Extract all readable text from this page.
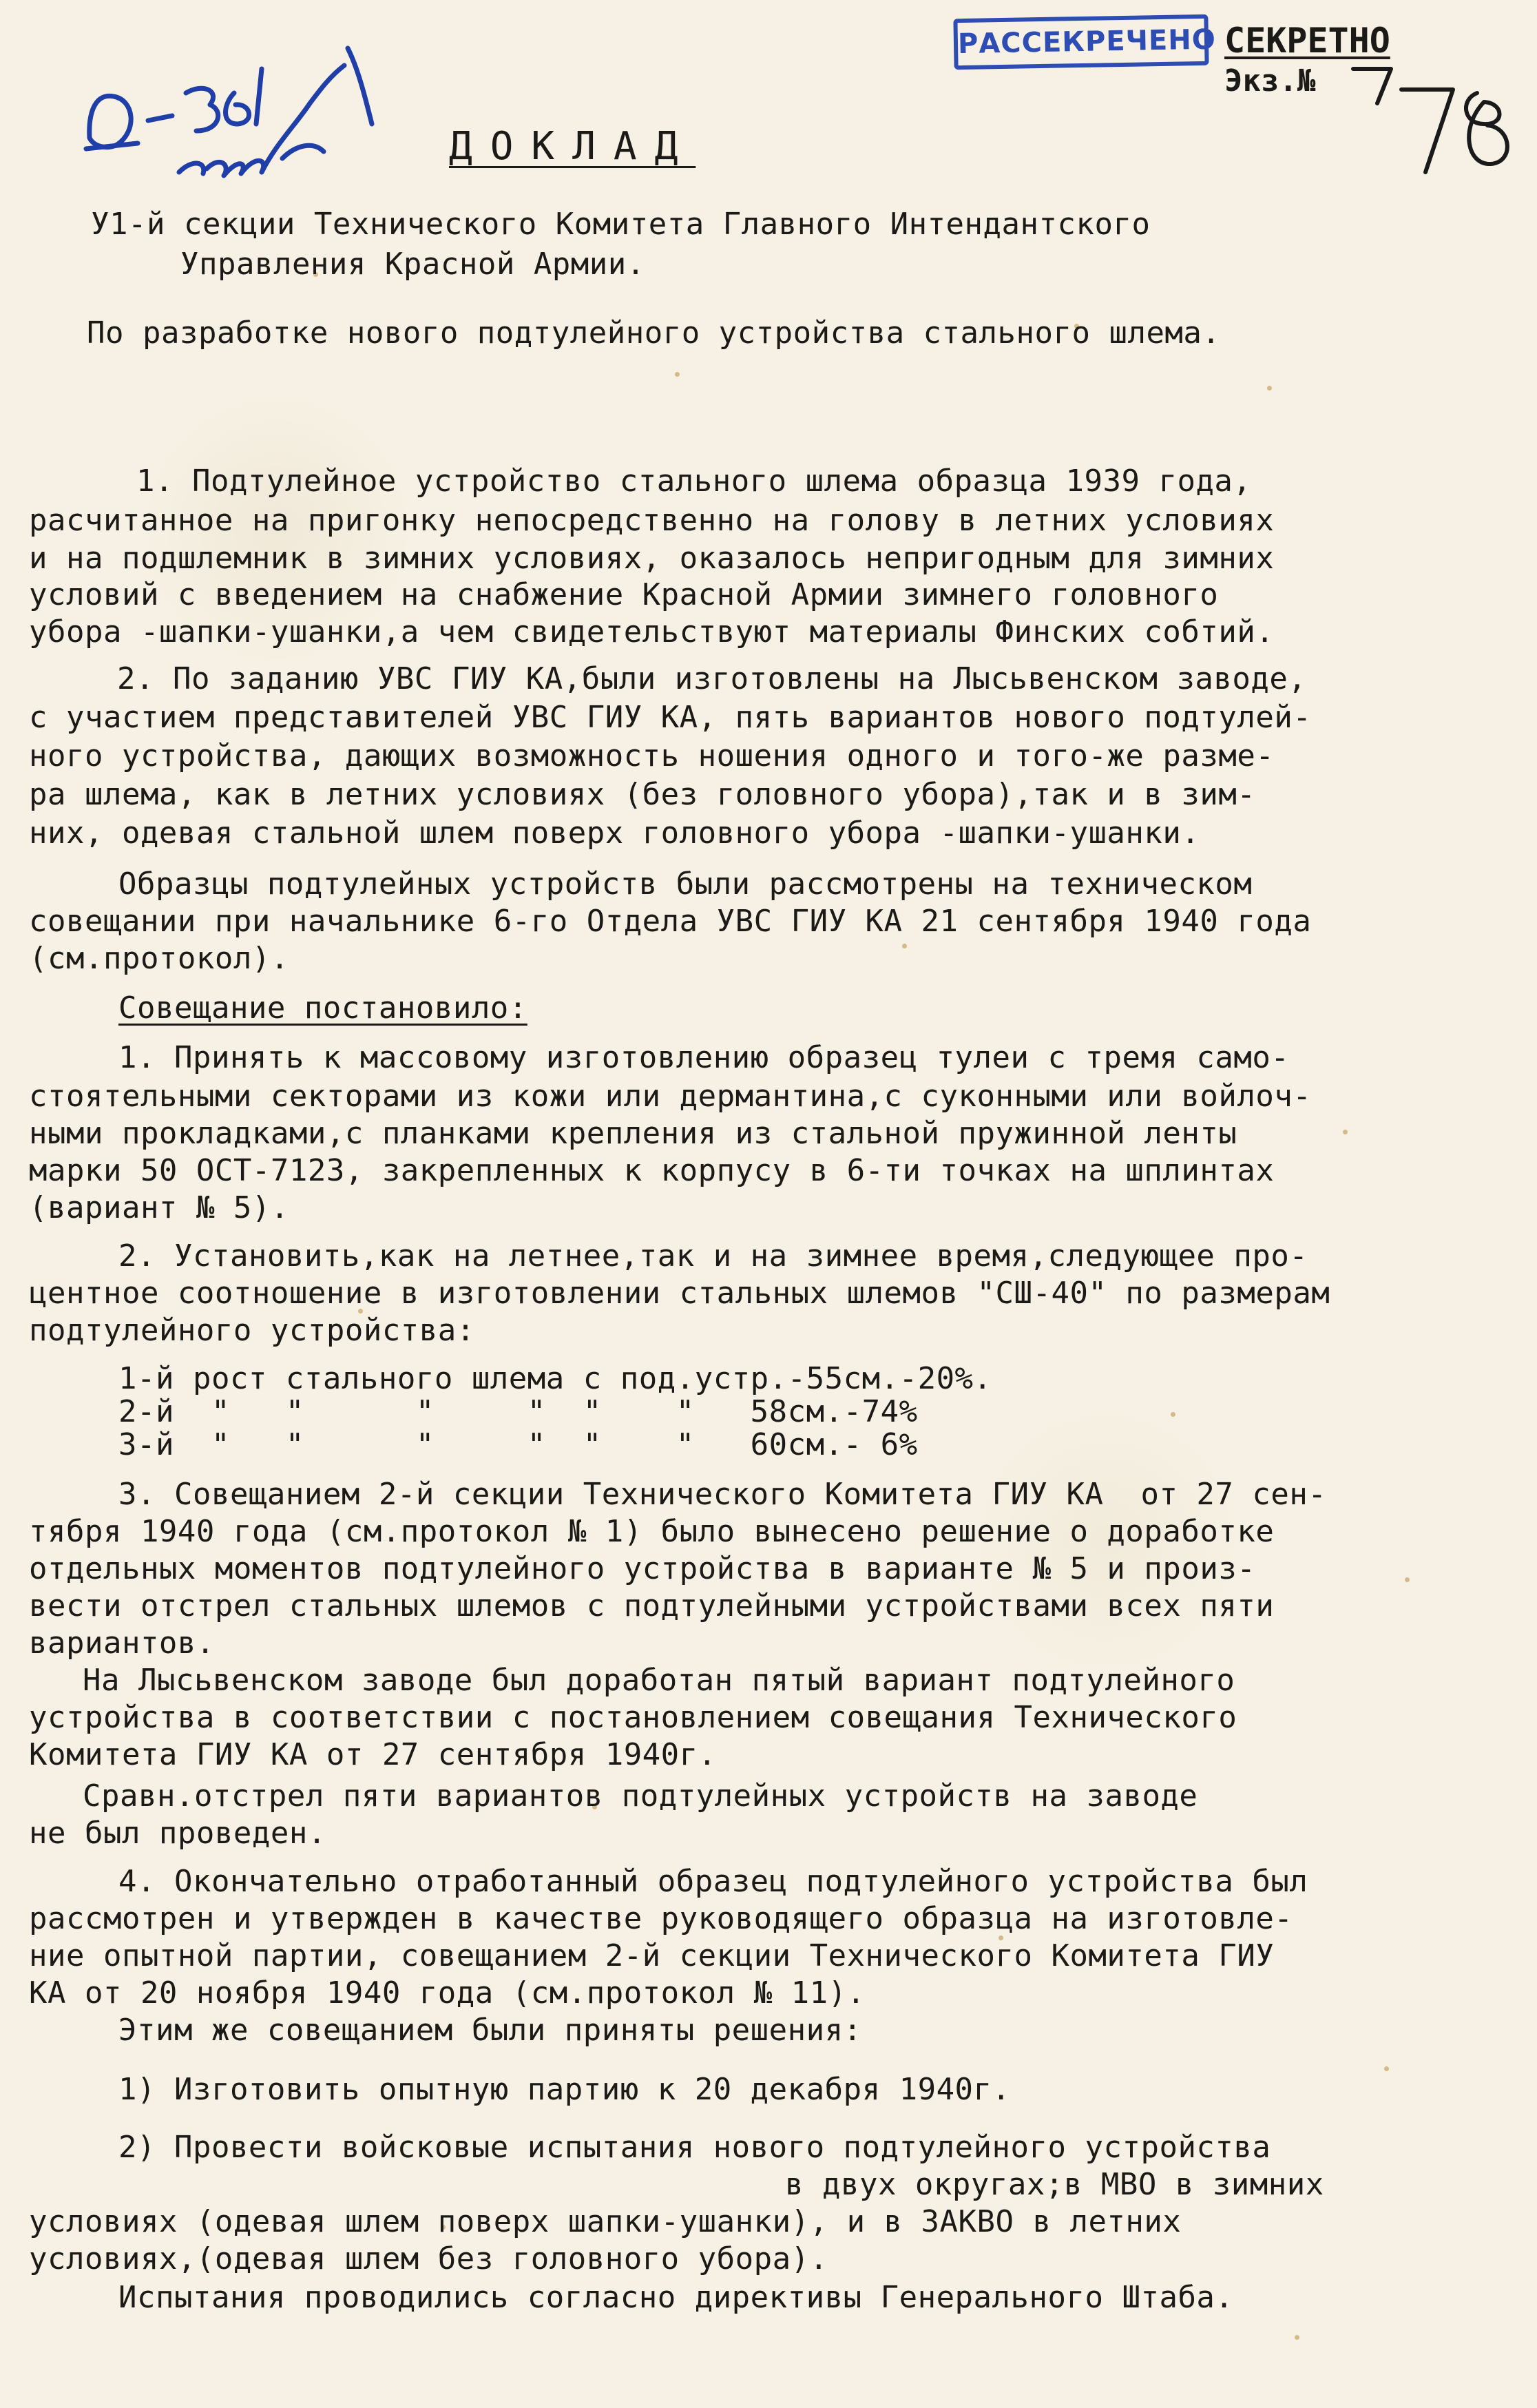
РАССЕКРЕЧЕНО СЕКРЕТНО
Экз.№
ДОКЛАД
У1-й секции Технического Комитета Главного Интендантского
Управления Красной Армии.
По разработке нового подтулейного устройства стального шлема.
1. Подтулейное устройство стального шлема образца 1939 года,
расчитанное на пригонку непосредственно на голову в летних условиях
и на подшлемник в зимних условиях, оказалось непригодным для зимних
условий с введением на снабжение Красной Армии зимнего головного
убора -шапки-ушанки,а чем свидетельствуют материалы Финских собтий.
2. По заданию УВС ГИУ КА,были изготовлены на Лысьвенском заводе,
с участием представителей УВС ГИУ КА, пять вариантов нового подтулей-
ного устройства, дающих возможность ношения одного и того-же разме-
ра шлема, как в летних условиях (без головного убора),так и в зим-
них, одевая стальной шлем поверх головного убора -шапки-ушанки.
Образцы подтулейных устройств были рассмотрены на техническом
совещании при начальнике 6-го Отдела УВС ГИУ КА 21 сентября 1940 года
(см.протокол).
Совещание постановило:
1. Принять к массовому изготовлению образец тулеи с тремя само-
стоятельными секторами из кожи или дермантина,с суконными или войлоч-
ными прокладками,с планками крепления из стальной пружинной ленты
марки 50 ОСТ-7123, закрепленных к корпусу в 6-ти точках на шплинтах
(вариант № 5).
2. Установить,как на летнее,так и на зимнее время,следующее про-
центное соотношение в изготовлении стальных шлемов "СШ-40" по размерам
подтулейного устройства:
1-й рост стального шлема с под.устр.-55см.-20%.
2-й  "   "      "     "  "    "   58см.-74%
3-й  "   "      "     "  "    "   60см.- 6%
3. Совещанием 2-й секции Технического Комитета ГИУ КА  от 27 сен-
тября 1940 года (см.протокол № 1) было вынесено решение о доработке
отдельных моментов подтулейного устройства в варианте № 5 и произ-
вести отстрел стальных шлемов с подтулейными устройствами всех пяти
вариантов.
На Лысьвенском заводе был доработан пятый вариант подтулейного
устройства в соответствии с постановлением совещания Технического
Комитета ГИУ КА от 27 сентября 1940г.
Сравн.отстрел пяти вариантов подтулейных устройств на заводе
не был проведен.
4. Окончательно отработанный образец подтулейного устройства был
рассмотрен и утвержден в качестве руководящего образца на изготовле-
ние опытной партии, совещанием 2-й секции Технического Комитета ГИУ
КА от 20 ноября 1940 года (см.протокол № 11).
Этим же совещанием были приняты решения:
1) Изготовить опытную партию к 20 декабря 1940г.
2) Провести войсковые испытания нового подтулейного устройства
в двух округах;в МВО в зимних
условиях (одевая шлем поверх шапки-ушанки), и в ЗАКВО в летних
условиях,(одевая шлем без головного убора).
Испытания проводились согласно директивы Генерального Штаба.
